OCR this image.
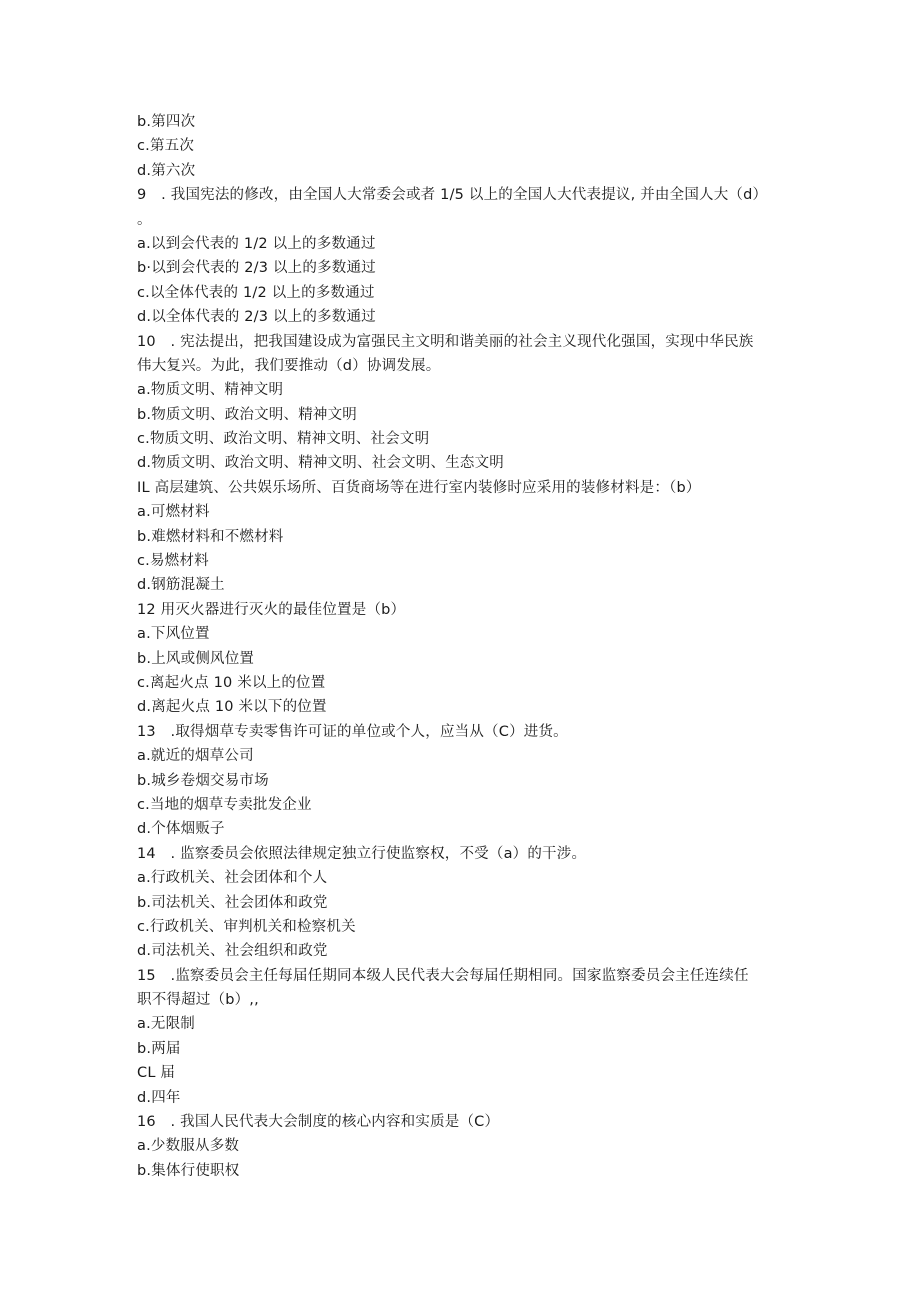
b.第四次
c.第五次
d.第六次
9　. 我国宪法的修改，由全国人大常委会或者 1/5 以上的全国人大代表提议, 并由全国人大（d）
。
a.以到会代表的 1/2 以上的多数通过
b·以到会代表的 2/3 以上的多数通过
c.以全体代表的 1/2 以上的多数通过
d.以全体代表的 2/3 以上的多数通过
10　. 宪法提出，把我国建设成为富强民主文明和谐美丽的社会主义现代化强国，实现中华民族
伟大复兴。为此，我们要推动（d）协调发展。
a.物质文明、精神文明
b.物质文明、政治文明、精神文明
c.物质文明、政治文明、精神文明、社会文明
d.物质文明、政治文明、精神文明、社会文明、生态文明
IL 高层建筑、公共娱乐场所、百货商场等在进行室内装修时应采用的装修材料是：（b）
a.可燃材料
b.难燃材料和不燃材料
c.易燃材料
d.钢筋混凝土
12 用灭火器进行灭火的最佳位置是（b）
a.下风位置
b.上风或侧风位置
c.离起火点 10 米以上的位置
d.离起火点 10 米以下的位置
13　.取得烟草专卖零售许可证的单位或个人，应当从（C）进货。
a.就近的烟草公司
b.城乡卷烟交易市场
c.当地的烟草专卖批发企业
d.个体烟贩子
14　. 监察委员会依照法律规定独立行使监察权，不受（a）的干涉。
a.行政机关、社会团体和个人
b.司法机关、社会团体和政党
c.行政机关、审判机关和检察机关
d.司法机关、社会组织和政党
15　.监察委员会主任每届任期同本级人民代表大会每届任期相同。国家监察委员会主任连续任
职不得超过（b）,,
a.无限制
b.两届
CL 届
d.四年
16　. 我国人民代表大会制度的核心内容和实质是（C）
a.少数服从多数
b.集体行使职权
